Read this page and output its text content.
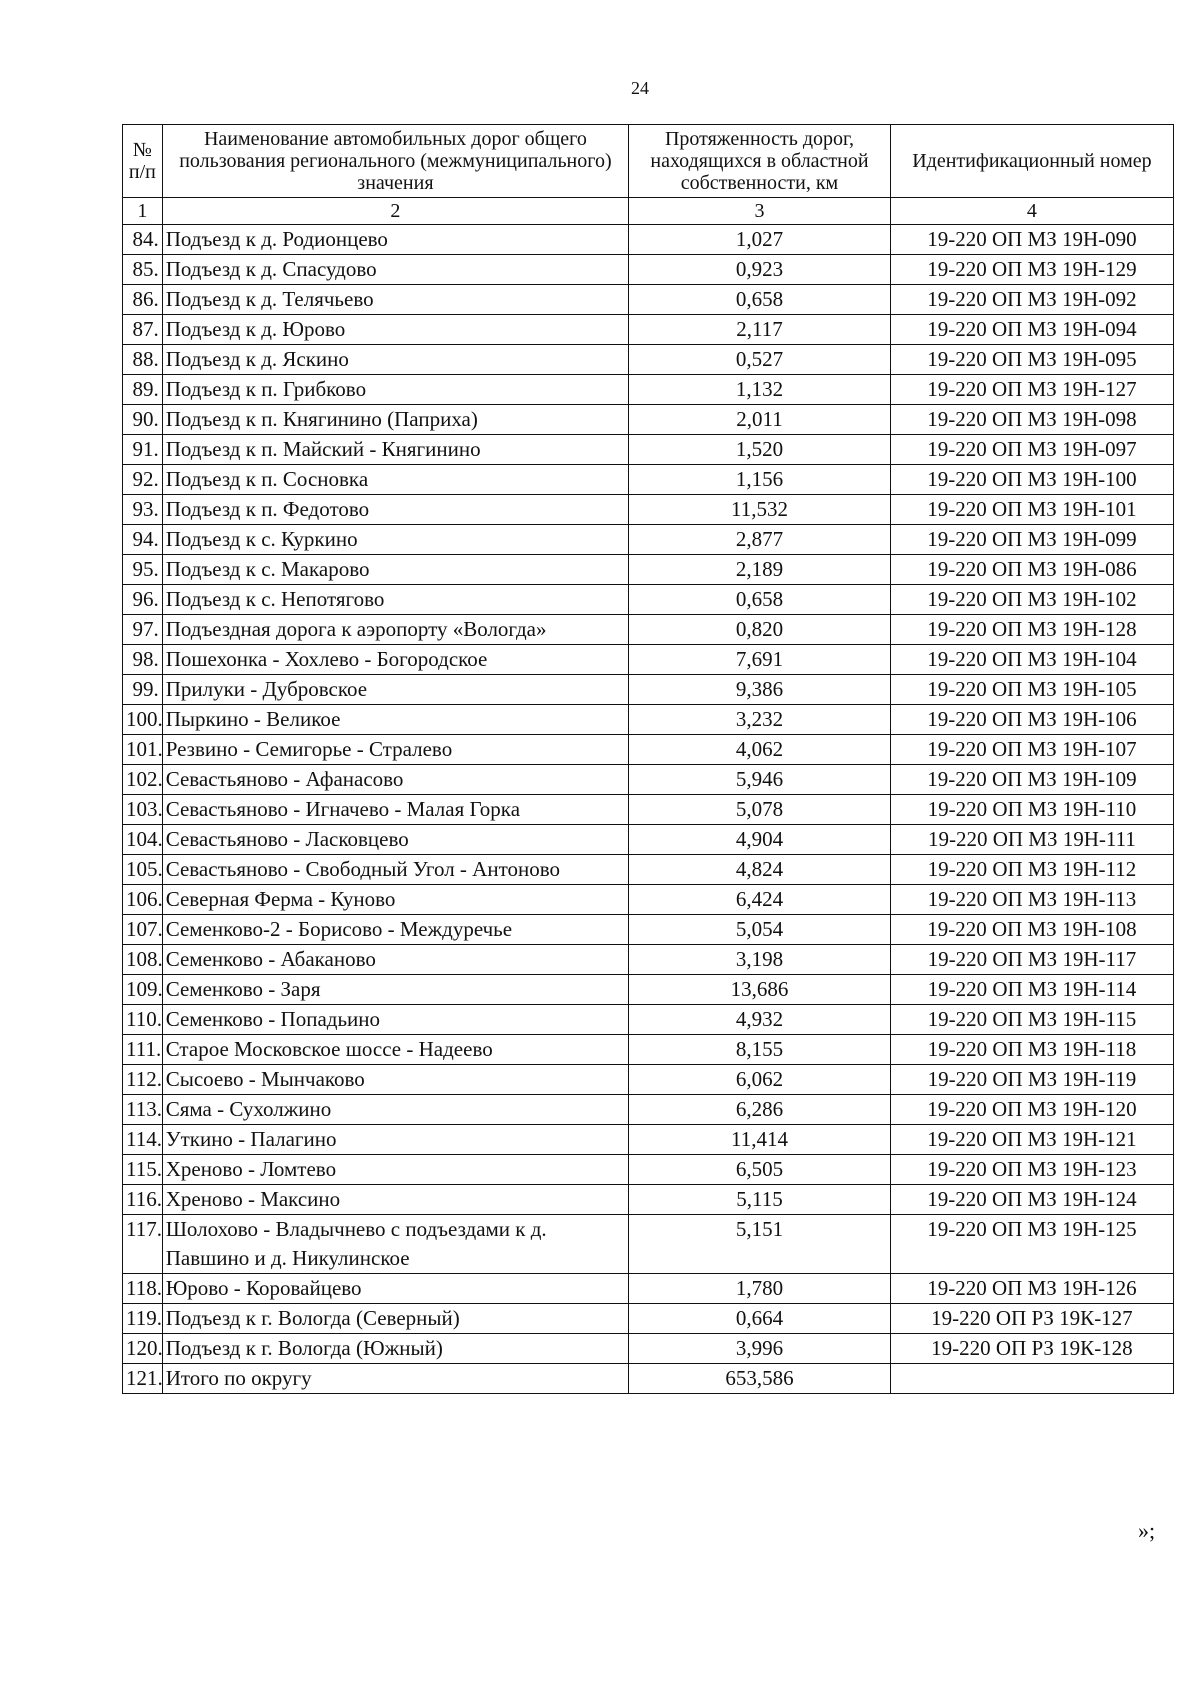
24
№ п/п	Наименование автомобильных дорог общего пользования регионального (межмуниципального) значения	Протяженность дорог, находящихся в областной собственности, км	Идентификационный номер
1	2	3	4
84.	Подъезд к д. Родионцево	1,027	19-220 ОП МЗ 19Н-090
85.	Подъезд к д. Спасудово	0,923	19-220 ОП МЗ 19Н-129
86.	Подъезд к д. Телячьево	0,658	19-220 ОП МЗ 19Н-092
87.	Подъезд к д. Юрово	2,117	19-220 ОП МЗ 19Н-094
88.	Подъезд к д. Яскино	0,527	19-220 ОП МЗ 19Н-095
89.	Подъезд к п. Грибково	1,132	19-220 ОП МЗ 19Н-127
90.	Подъезд к п. Княгинино (Паприха)	2,011	19-220 ОП МЗ 19Н-098
91.	Подъезд к п. Майский - Княгинино	1,520	19-220 ОП МЗ 19Н-097
92.	Подъезд к п. Сосновка	1,156	19-220 ОП МЗ 19Н-100
93.	Подъезд к п. Федотово	11,532	19-220 ОП МЗ 19Н-101
94.	Подъезд к с. Куркино	2,877	19-220 ОП МЗ 19Н-099
95.	Подъезд к с. Макарово	2,189	19-220 ОП МЗ 19Н-086
96.	Подъезд к с. Непотягово	0,658	19-220 ОП МЗ 19Н-102
97.	Подъездная дорога к аэропорту «Вологда»	0,820	19-220 ОП МЗ 19Н-128
98.	Пошехонка - Хохлево - Богородское	7,691	19-220 ОП МЗ 19Н-104
99.	Прилуки - Дубровское	9,386	19-220 ОП МЗ 19Н-105
100.	Пыркино - Великое	3,232	19-220 ОП МЗ 19Н-106
101.	Резвино - Семигорье - Стралево	4,062	19-220 ОП МЗ 19Н-107
102.	Севастьяново - Афанасово	5,946	19-220 ОП МЗ 19Н-109
103.	Севастьяново - Игначево - Малая Горка	5,078	19-220 ОП МЗ 19Н-110
104.	Севастьяново - Ласковцево	4,904	19-220 ОП МЗ 19Н-111
105.	Севастьяново - Свободный Угол - Антоново	4,824	19-220 ОП МЗ 19Н-112
106.	Северная Ферма - Куново	6,424	19-220 ОП МЗ 19Н-113
107.	Семенково-2 - Борисово - Междуречье	5,054	19-220 ОП МЗ 19Н-108
108.	Семенково - Абаканово	3,198	19-220 ОП МЗ 19Н-117
109.	Семенково - Заря	13,686	19-220 ОП МЗ 19Н-114
110.	Семенково - Попадьино	4,932	19-220 ОП МЗ 19Н-115
111.	Старое Московское шоссе - Надеево	8,155	19-220 ОП МЗ 19Н-118
112.	Сысоево - Мынчаково	6,062	19-220 ОП МЗ 19Н-119
113.	Сяма - Сухолжино	6,286	19-220 ОП МЗ 19Н-120
114.	Уткино - Палагино	11,414	19-220 ОП МЗ 19Н-121
115.	Хреново - Ломтево	6,505	19-220 ОП МЗ 19Н-123
116.	Хреново - Максино	5,115	19-220 ОП МЗ 19Н-124
117.	Шолохово - Владычнево с подъездами к д. Павшино и д. Никулинское	5,151	19-220 ОП МЗ 19Н-125
118.	Юрово - Коровайцево	1,780	19-220 ОП МЗ 19Н-126
119.	Подъезд к г. Вологда (Северный)	0,664	19-220 ОП РЗ 19К-127
120.	Подъезд к г. Вологда (Южный)	3,996	19-220 ОП РЗ 19К-128
121.	Итого по округу	653,586	
»;
